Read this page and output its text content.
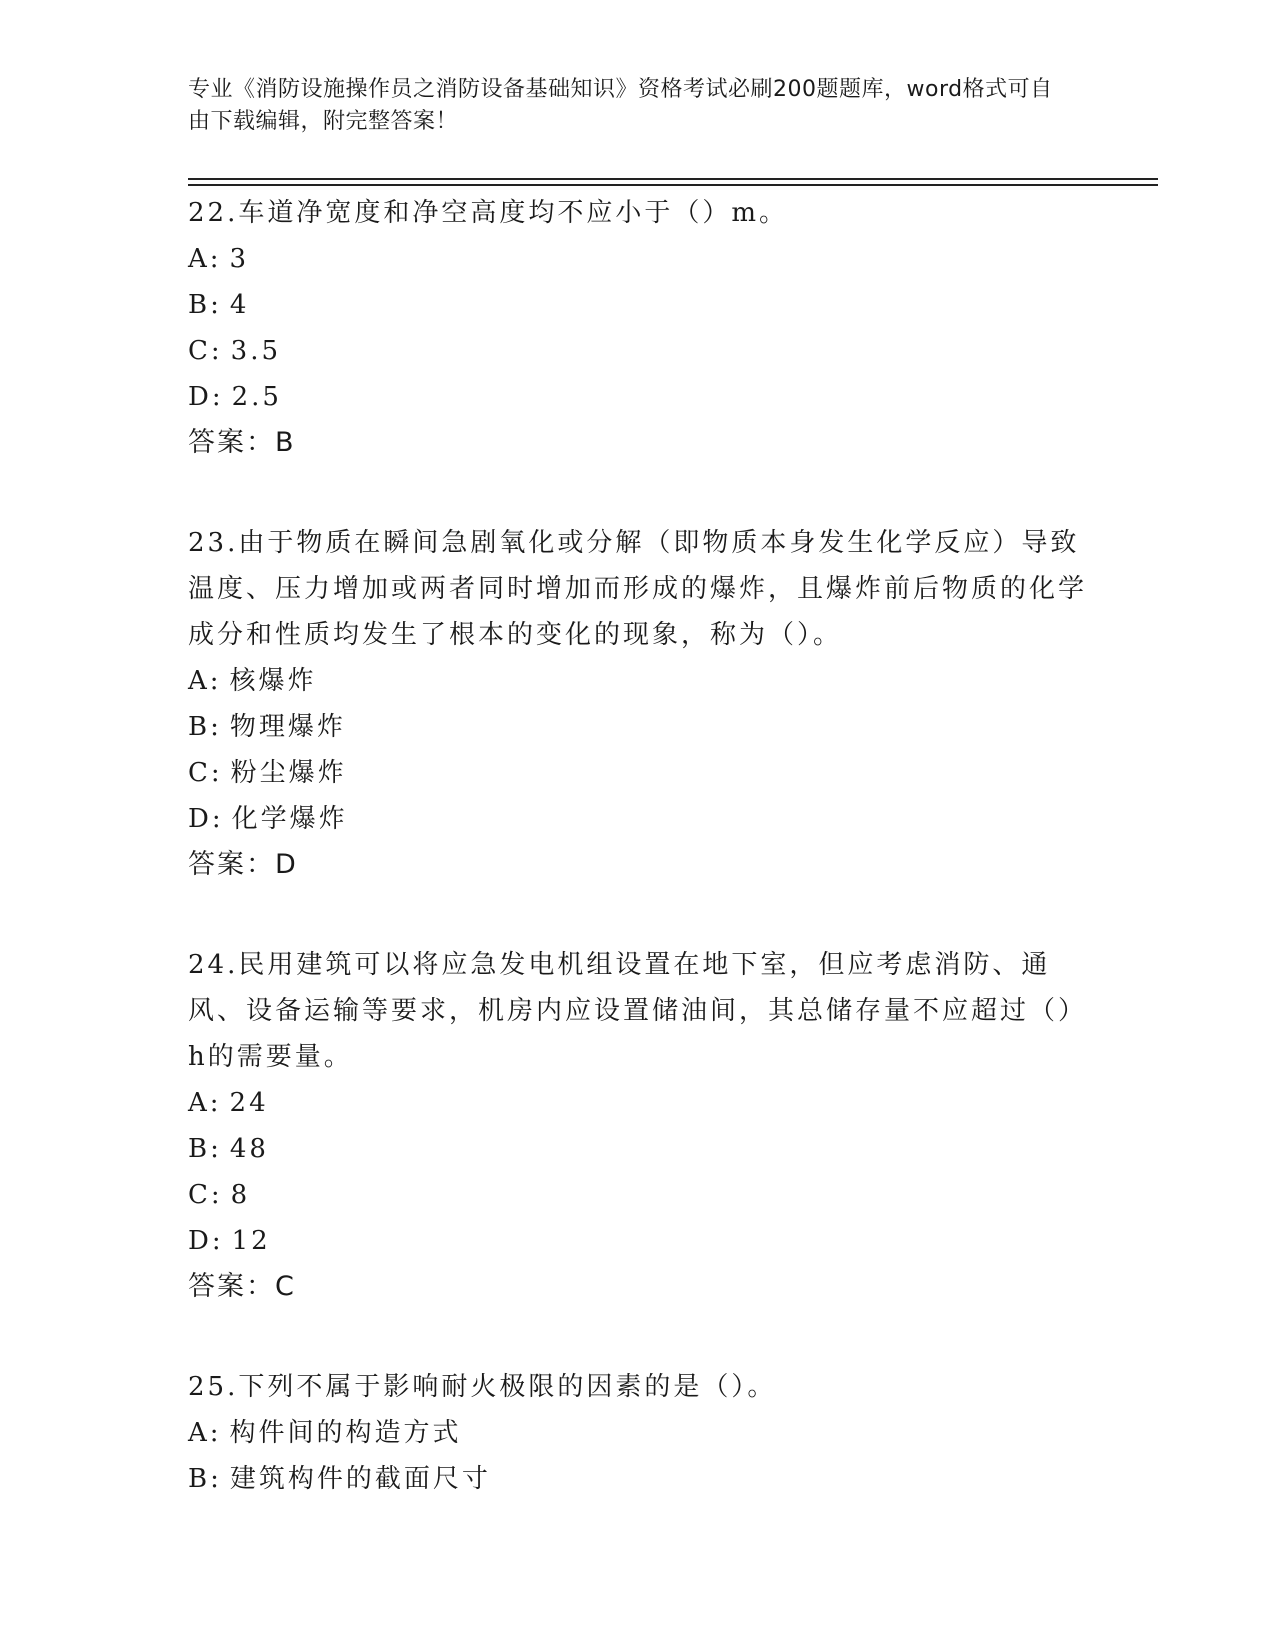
专业《消防设施操作员之消防设备基础知识》资格考试必刷200题题库，word格式可自由下载编辑，附完整答案！

22.车道净宽度和净空高度均不应小于（）m。

A: 3

B: 4

C: 3.5

D: 2.5

答案：B

23.由于物质在瞬间急剧氧化或分解（即物质本身发生化学反应）导致温度、压力增加或两者同时增加而形成的爆炸，且爆炸前后物质的化学成分和性质均发生了根本的变化的现象，称为（）。

A: 核爆炸

B: 物理爆炸

C: 粉尘爆炸

D: 化学爆炸

答案：D

24.民用建筑可以将应急发电机组设置在地下室，但应考虑消防、通风、设备运输等要求，机房内应设置储油间，其总储存量不应超过（）h的需要量。

A: 24

B: 48

C: 8

D: 12

答案：C

25.下列不属于影响耐火极限的因素的是（）。

A: 构件间的构造方式

B: 建筑构件的截面尺寸
